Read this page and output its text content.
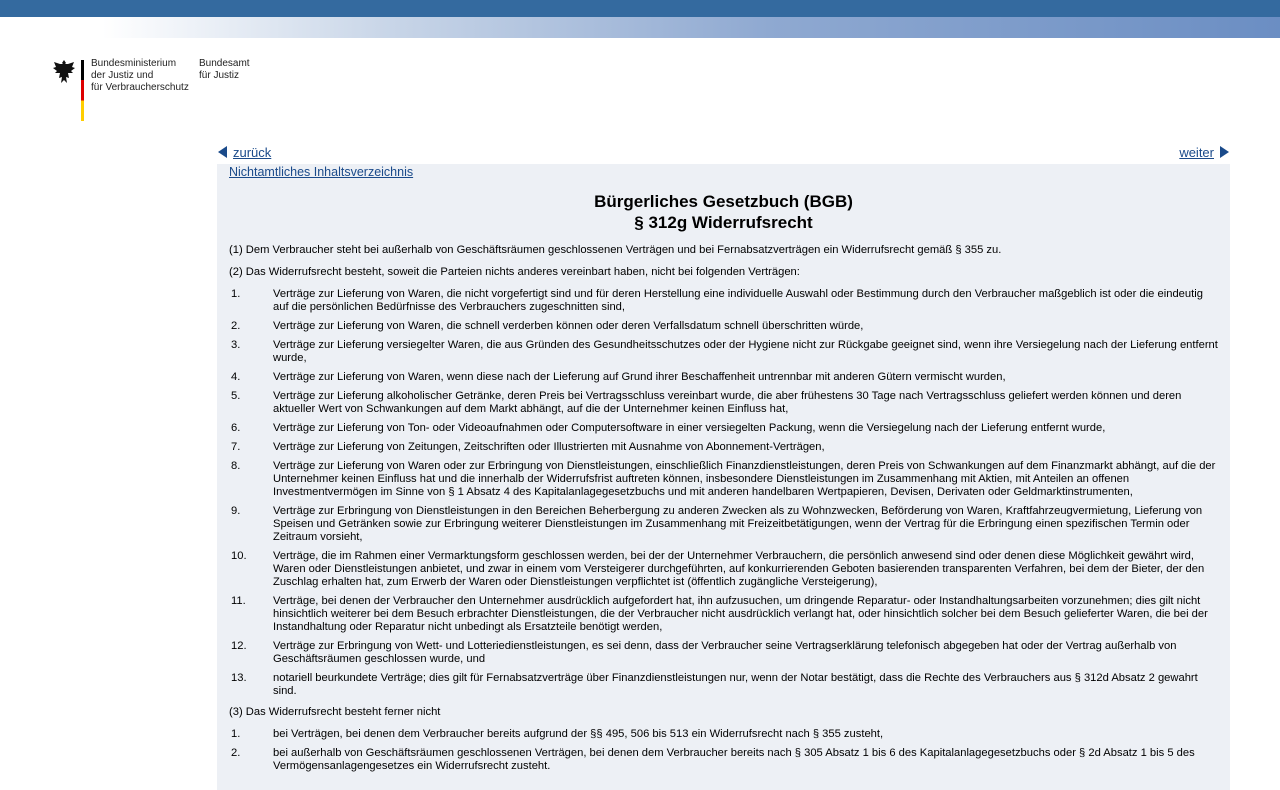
Bundesministerium
der Justiz und
für Verbraucherschutz
Bundesamt
für Justiz
zurück	weiter
Nichtamtliches Inhaltsverzeichnis
Bürgerliches Gesetzbuch (BGB)
§ 312g Widerrufsrecht

(1) Dem Verbraucher steht bei außerhalb von Geschäftsräumen geschlossenen Verträgen und bei Fernabsatzverträgen ein Widerrufsrecht gemäß § 355 zu.

(2) Das Widerrufsrecht besteht, soweit die Parteien nichts anderes vereinbart haben, nicht bei folgenden Verträgen:

1.	Verträge zur Lieferung von Waren, die nicht vorgefertigt sind und für deren Herstellung eine individuelle Auswahl oder Bestimmung durch den Verbraucher maßgeblich ist oder die eindeutig auf die persönlichen Bedürfnisse des Verbrauchers zugeschnitten sind,
2.	Verträge zur Lieferung von Waren, die schnell verderben können oder deren Verfallsdatum schnell überschritten würde,
3.	Verträge zur Lieferung versiegelter Waren, die aus Gründen des Gesundheitsschutzes oder der Hygiene nicht zur Rückgabe geeignet sind, wenn ihre Versiegelung nach der Lieferung entfernt wurde,
4.	Verträge zur Lieferung von Waren, wenn diese nach der Lieferung auf Grund ihrer Beschaffenheit untrennbar mit anderen Gütern vermischt wurden,
5.	Verträge zur Lieferung alkoholischer Getränke, deren Preis bei Vertragsschluss vereinbart wurde, die aber frühestens 30 Tage nach Vertragsschluss geliefert werden können und deren aktueller Wert von Schwankungen auf dem Markt abhängt, auf die der Unternehmer keinen Einfluss hat,
6.	Verträge zur Lieferung von Ton- oder Videoaufnahmen oder Computersoftware in einer versiegelten Packung, wenn die Versiegelung nach der Lieferung entfernt wurde,
7.	Verträge zur Lieferung von Zeitungen, Zeitschriften oder Illustrierten mit Ausnahme von Abonnement-Verträgen,
8.	Verträge zur Lieferung von Waren oder zur Erbringung von Dienstleistungen, einschließlich Finanzdienstleistungen, deren Preis von Schwankungen auf dem Finanzmarkt abhängt, auf die der Unternehmer keinen Einfluss hat und die innerhalb der Widerrufsfrist auftreten können, insbesondere Dienstleistungen im Zusammenhang mit Aktien, mit Anteilen an offenen Investmentvermögen im Sinne von § 1 Absatz 4 des Kapitalanlagegesetzbuchs und mit anderen handelbaren Wertpapieren, Devisen, Derivaten oder Geldmarktinstrumenten,
9.	Verträge zur Erbringung von Dienstleistungen in den Bereichen Beherbergung zu anderen Zwecken als zu Wohnzwecken, Beförderung von Waren, Kraftfahrzeugvermietung, Lieferung von Speisen und Getränken sowie zur Erbringung weiterer Dienstleistungen im Zusammenhang mit Freizeitbetätigungen, wenn der Vertrag für die Erbringung einen spezifischen Termin oder Zeitraum vorsieht,
10.	Verträge, die im Rahmen einer Vermarktungsform geschlossen werden, bei der der Unternehmer Verbrauchern, die persönlich anwesend sind oder denen diese Möglichkeit gewährt wird, Waren oder Dienstleistungen anbietet, und zwar in einem vom Versteigerer durchgeführten, auf konkurrierenden Geboten basierenden transparenten Verfahren, bei dem der Bieter, der den Zuschlag erhalten hat, zum Erwerb der Waren oder Dienstleistungen verpflichtet ist (öffentlich zugängliche Versteigerung),
11.	Verträge, bei denen der Verbraucher den Unternehmer ausdrücklich aufgefordert hat, ihn aufzusuchen, um dringende Reparatur- oder Instandhaltungsarbeiten vorzunehmen; dies gilt nicht hinsichtlich weiterer bei dem Besuch erbrachter Dienstleistungen, die der Verbraucher nicht ausdrücklich verlangt hat, oder hinsichtlich solcher bei dem Besuch gelieferter Waren, die bei der Instandhaltung oder Reparatur nicht unbedingt als Ersatzteile benötigt werden,
12.	Verträge zur Erbringung von Wett- und Lotteriedienstleistungen, es sei denn, dass der Verbraucher seine Vertragserklärung telefonisch abgegeben hat oder der Vertrag außerhalb von Geschäftsräumen geschlossen wurde, und
13.	notariell beurkundete Verträge; dies gilt für Fernabsatzverträge über Finanzdienstleistungen nur, wenn der Notar bestätigt, dass die Rechte des Verbrauchers aus § 312d Absatz 2 gewahrt sind.

(3) Das Widerrufsrecht besteht ferner nicht

1.	bei Verträgen, bei denen dem Verbraucher bereits aufgrund der §§ 495, 506 bis 513 ein Widerrufsrecht nach § 355 zusteht,
2.	bei außerhalb von Geschäftsräumen geschlossenen Verträgen, bei denen dem Verbraucher bereits nach § 305 Absatz 1 bis 6 des Kapitalanlagegesetzbuchs oder § 2d Absatz 1 bis 5 des Vermögensanlagengesetzes ein Widerrufsrecht zusteht.
